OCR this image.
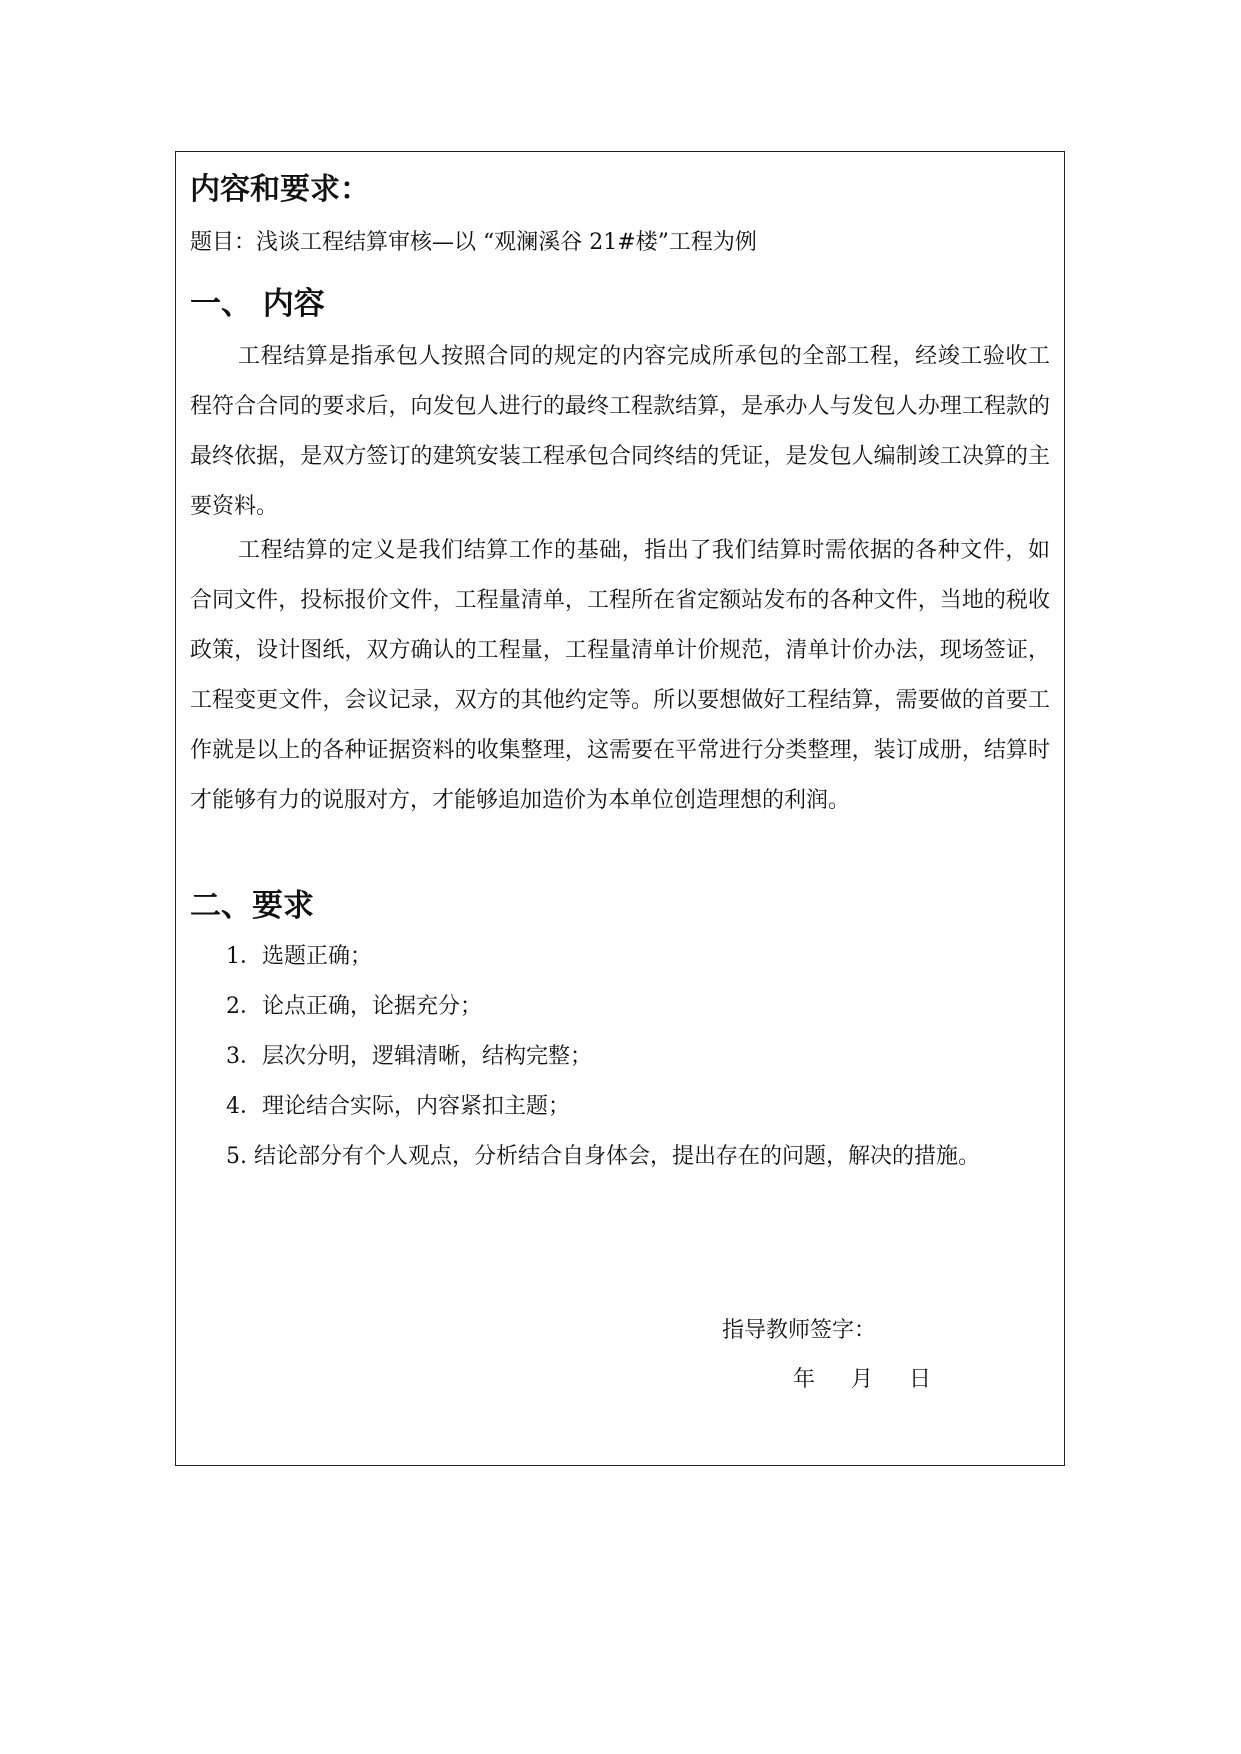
内容和要求：
题目：浅谈工程结算审核—以 “观澜溪谷 21#楼”工程为例
一、 内容

工程结算是指承包人按照合同的规定的内容完成所承包的全部工程，经竣工验收工程符合合同的要求后，向发包人进行的最终工程款结算，是承办人与发包人办理工程款的最终依据，是双方签订的建筑安装工程承包合同终结的凭证，是发包人编制竣工决算的主要资料。

工程结算的定义是我们结算工作的基础，指出了我们结算时需依据的各种文件，如合同文件，投标报价文件，工程量清单，工程所在省定额站发布的各种文件，当地的税收政策，设计图纸，双方确认的工程量，工程量清单计价规范，清单计价办法，现场签证，工程变更文件，会议记录，双方的其他约定等。所以要想做好工程结算，需要做的首要工作就是以上的各种证据资料的收集整理，这需要在平常进行分类整理，装订成册，结算时才能够有力的说服对方，才能够追加造价为本单位创造理想的利润。

二、要求
1．选题正确；
2．论点正确，论据充分；
3．层次分明，逻辑清晰，结构完整；
4．理论结合实际，内容紧扣主题；
5. 结论部分有个人观点，分析结合自身体会，提出存在的问题，解决的措施。
指导教师签字：
年 月 日
